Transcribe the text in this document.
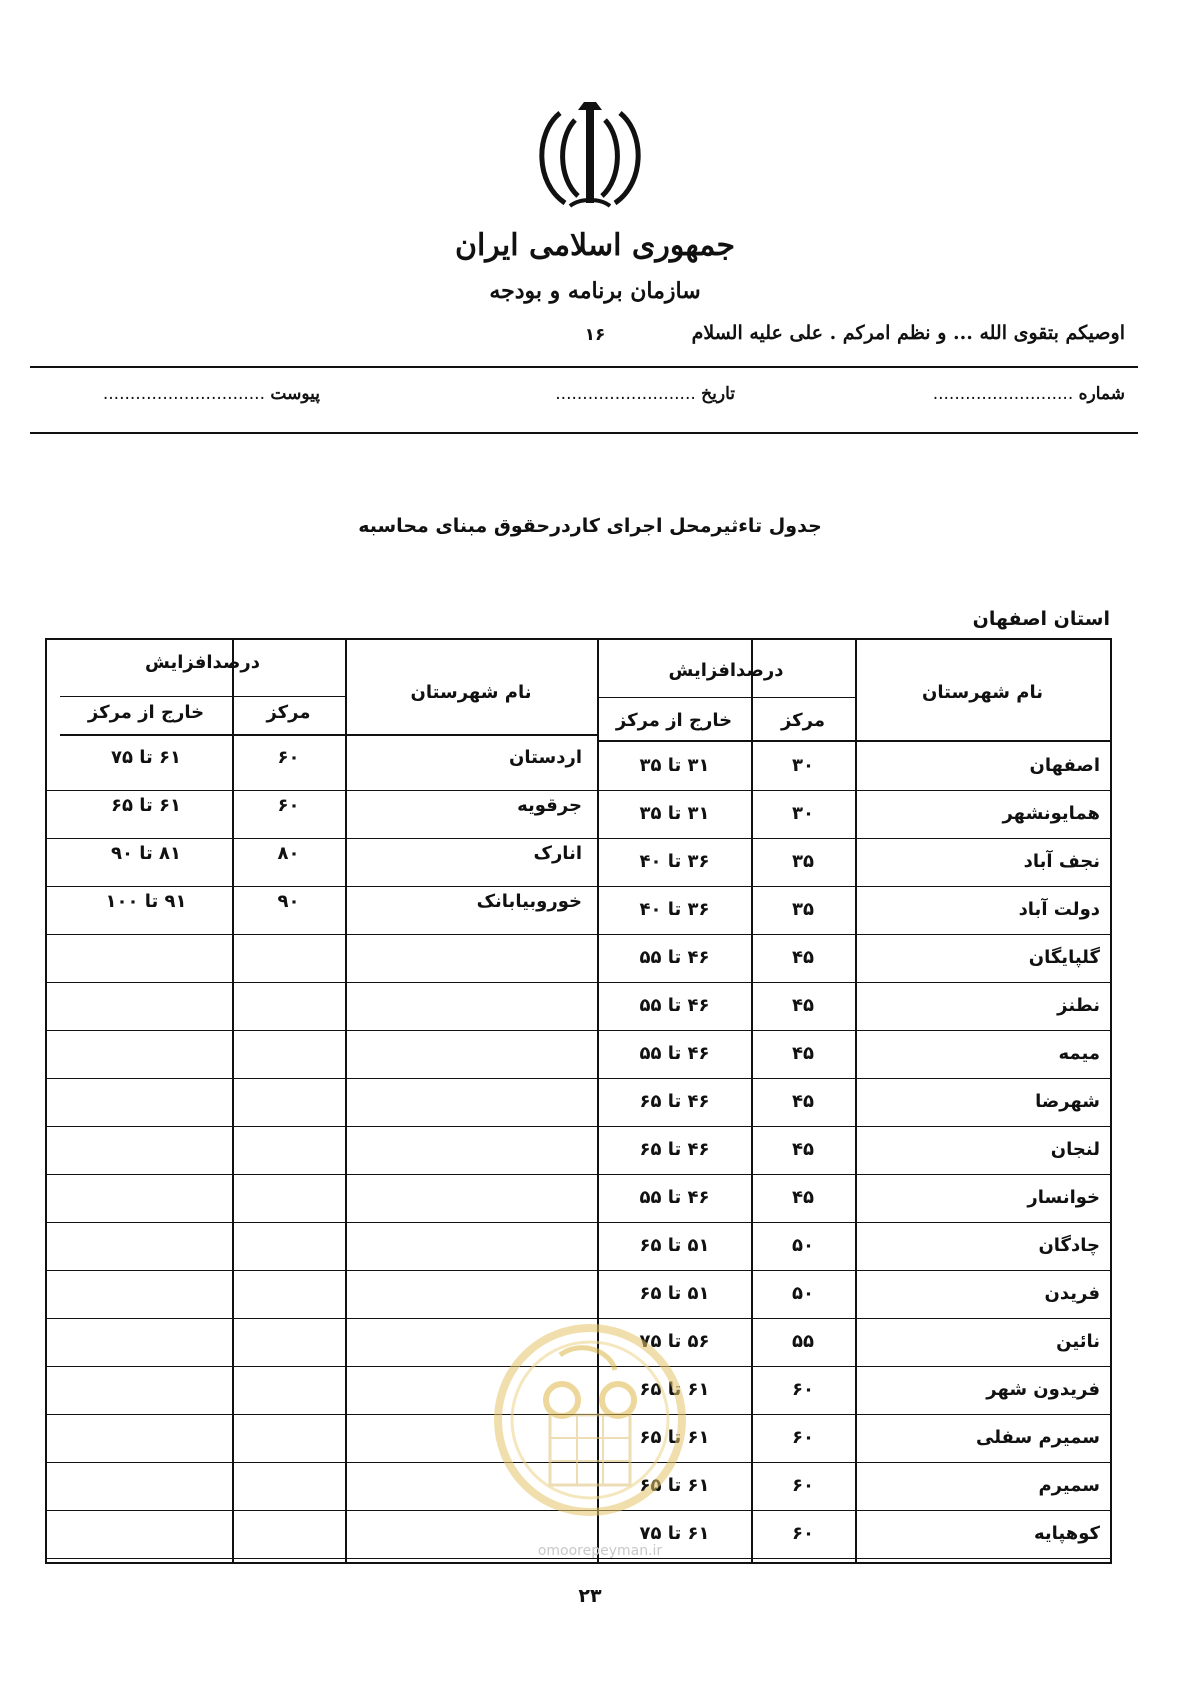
جمهوری اسلامی ایران
سازمان برنامه و بودجه
۱۶	اوصیکم بتقوی الله ... و نظم امرکم . علی علیه السلام
شماره ..........................
تاریخ ..........................
پیوست ..............................
جدول تاءثیرمحل اجرای کاردرحقوق مبنای محاسبه
استان اصفهان
نام شهرستان
درصدافزایش
مرکز
خارج از مرکز
نام شهرستان
درصدافزایش
مرکز
خارج از مرکز
اصفهان
۳۰
۳۱ تا ۳۵
همایونشهر
۳۰
۳۱ تا ۳۵
نجف آباد
۳۵
۳۶ تا ۴۰
دولت آباد
۳۵
۳۶ تا ۴۰
گلپایگان
۴۵
۴۶ تا ۵۵
نطنز
۴۵
۴۶ تا ۵۵
میمه
۴۵
۴۶ تا ۵۵
شهرضا
۴۵
۴۶ تا ۶۵
لنجان
۴۵
۴۶ تا ۶۵
خوانسار
۴۵
۴۶ تا ۵۵
چادگان
۵۰
۵۱ تا ۶۵
فریدن
۵۰
۵۱ تا ۶۵
نائین
۵۵
۵۶ تا ۷۵
فریدون شهر
۶۰
۶۱ تا ۶۵
سمیرم سفلی
۶۰
۶۱ تا ۶۵
سمیرم
۶۰
۶۱ تا ۶۵
کوهپایه
۶۰
۶۱ تا ۷۵
اردستان
۶۰
۶۱ تا ۷۵
جرقویه
۶۰
۶۱ تا ۶۵
انارک
۸۰
۸۱ تا ۹۰
خوروبیابانک
۹۰
۹۱ تا ۱۰۰
omoorepeyman.ir
۲۳
